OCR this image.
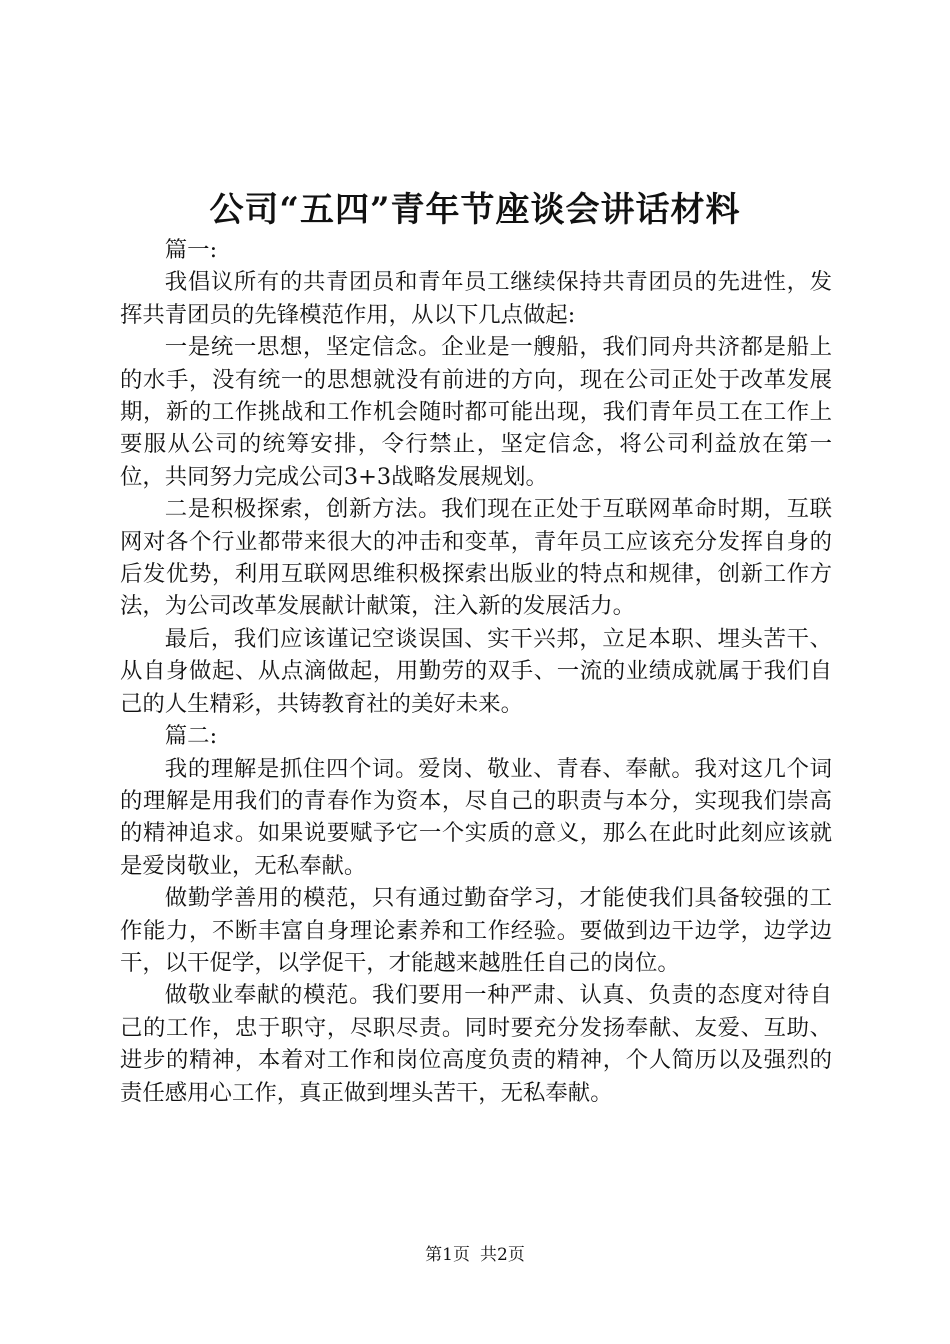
公司“五四”青年节座谈会讲话材料

篇一:

我倡议所有的共青团员和青年员工继续保持共青团员的先进性，发挥共青团员的先锋模范作用，从以下几点做起:

一是统一思想，坚定信念。企业是一艘船，我们同舟共济都是船上的水手，没有统一的思想就没有前进的方向，现在公司正处于改革发展期，新的工作挑战和工作机会随时都可能出现，我们青年员工在工作上要服从公司的统筹安排，令行禁止，坚定信念，将公司利益放在第一位，共同努力完成公司3+3战略发展规划。

二是积极探索，创新方法。我们现在正处于互联网革命时期，互联网对各个行业都带来很大的冲击和变革，青年员工应该充分发挥自身的后发优势，利用互联网思维积极探索出版业的特点和规律，创新工作方法，为公司改革发展献计献策，注入新的发展活力。

最后，我们应该谨记空谈误国、实干兴邦，立足本职、埋头苦干、从自身做起、从点滴做起，用勤劳的双手、一流的业绩成就属于我们自己的人生精彩，共铸教育社的美好未来。

篇二:

我的理解是抓住四个词。爱岗、敬业、青春、奉献。我对这几个词的理解是用我们的青春作为资本，尽自己的职责与本分，实现我们崇高的精神追求。如果说要赋予它一个实质的意义，那么在此时此刻应该就是爱岗敬业，无私奉献。

做勤学善用的模范，只有通过勤奋学习，才能使我们具备较强的工作能力，不断丰富自身理论素养和工作经验。要做到边干边学，边学边干，以干促学，以学促干，才能越来越胜任自己的岗位。

做敬业奉献的模范。我们要用一种严肃、认真、负责的态度对待自己的工作，忠于职守，尽职尽责。同时要充分发扬奉献、友爱、互助、进步的精神，本着对工作和岗位高度负责的精神，个人简历以及强烈的责任感用心工作，真正做到埋头苦干，无私奉献。

第1页 共2页
